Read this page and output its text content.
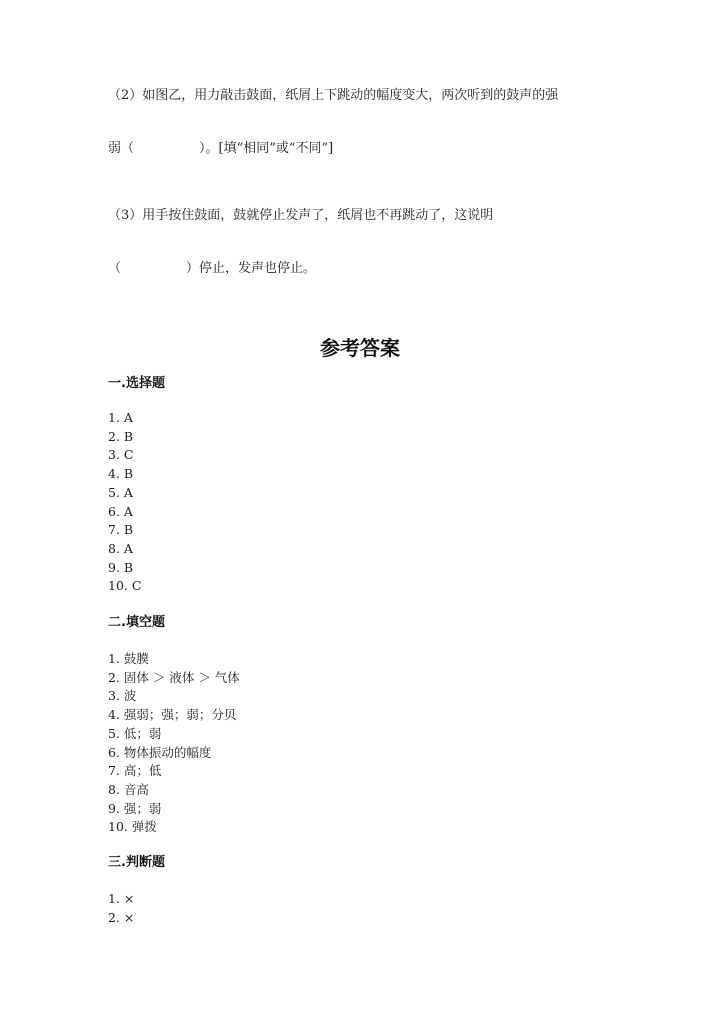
（2）如图乙，用力敲击鼓面，纸屑上下跳动的幅度变大，两次听到的鼓声的强
弱（　　　　　）。[填“相同”或“不同”]
（3）用手按住鼓面，鼓就停止发声了，纸屑也不再跳动了，这说明
（　　　　　）停止，发声也停止。
参考答案
一.选择题
1. A
2. B
3. C
4. B
5. A
6. A
7. B
8. A
9. B
10. C
二.填空题
1. 鼓膜
2. 固体 ＞ 液体 ＞ 气体
3. 波
4. 强弱；强；弱；分贝
5. 低；弱
6. 物体振动的幅度
7. 高；低
8. 音高
9. 强；弱
10. 弹拨
三.判断题
1. ×
2. ×
